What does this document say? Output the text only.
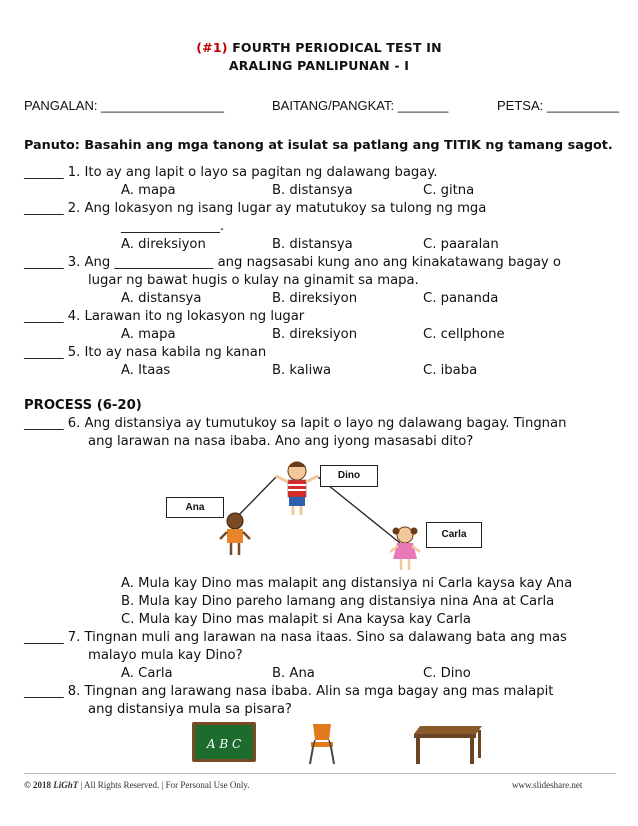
(#1) FOURTH PERIODICAL TEST IN
ARALING PANLIPUNAN - I
PANGALAN: _________________	BAITANG/PANGKAT: _______	PETSA: __________
Panuto: Basahin ang mga tanong at isulat sa patlang ang TITIK ng tamang sagot.
______ 1. Ito ay ang lapit o layo sa pagitan ng dalawang bagay.
A. mapa	B. distansya	C. gitna
______ 2. Ang lokasyon ng isang lugar ay matutukoy sa tulong ng mga
_______________.
A. direksiyon	B. distansya	C. paaralan
______ 3. Ang _______________ ang nagsasabi kung ano ang kinakatawang bagay o
lugar ng bawat hugis o kulay na ginamit sa mapa.
A. distansya	B. direksiyon	C. pananda
______ 4. Larawan ito ng lokasyon ng lugar
A. mapa	B. direksiyon	C. cellphone
______ 5. Ito ay nasa kabila ng kanan
A. Itaas	B. kaliwa	C. ibaba
PROCESS (6-20)
______ 6. Ang distansiya ay tumutukoy sa lapit o layo ng dalawang bagay. Tingnan
ang larawan na nasa ibaba. Ano ang iyong masasabi dito?
Ana
Dino
Carla
A. Mula kay Dino mas malapit ang distansiya ni Carla kaysa kay Ana
B. Mula kay Dino pareho lamang ang distansiya nina Ana at Carla
C. Mula kay Dino mas malapit si Ana kaysa kay Carla
______ 7. Tingnan muli ang larawan na nasa itaas. Sino sa dalawang bata ang mas
malayo mula kay Dino?
A. Carla	B. Ana	C. Dino
______ 8. Tingnan ang larawang nasa ibaba. Alin sa mga bagay ang mas malapit
ang distansiya mula sa pisara?
A B C
© 2018 LiGhT | All Rights Reserved. | For Personal Use Only.	www.slideshare.net
